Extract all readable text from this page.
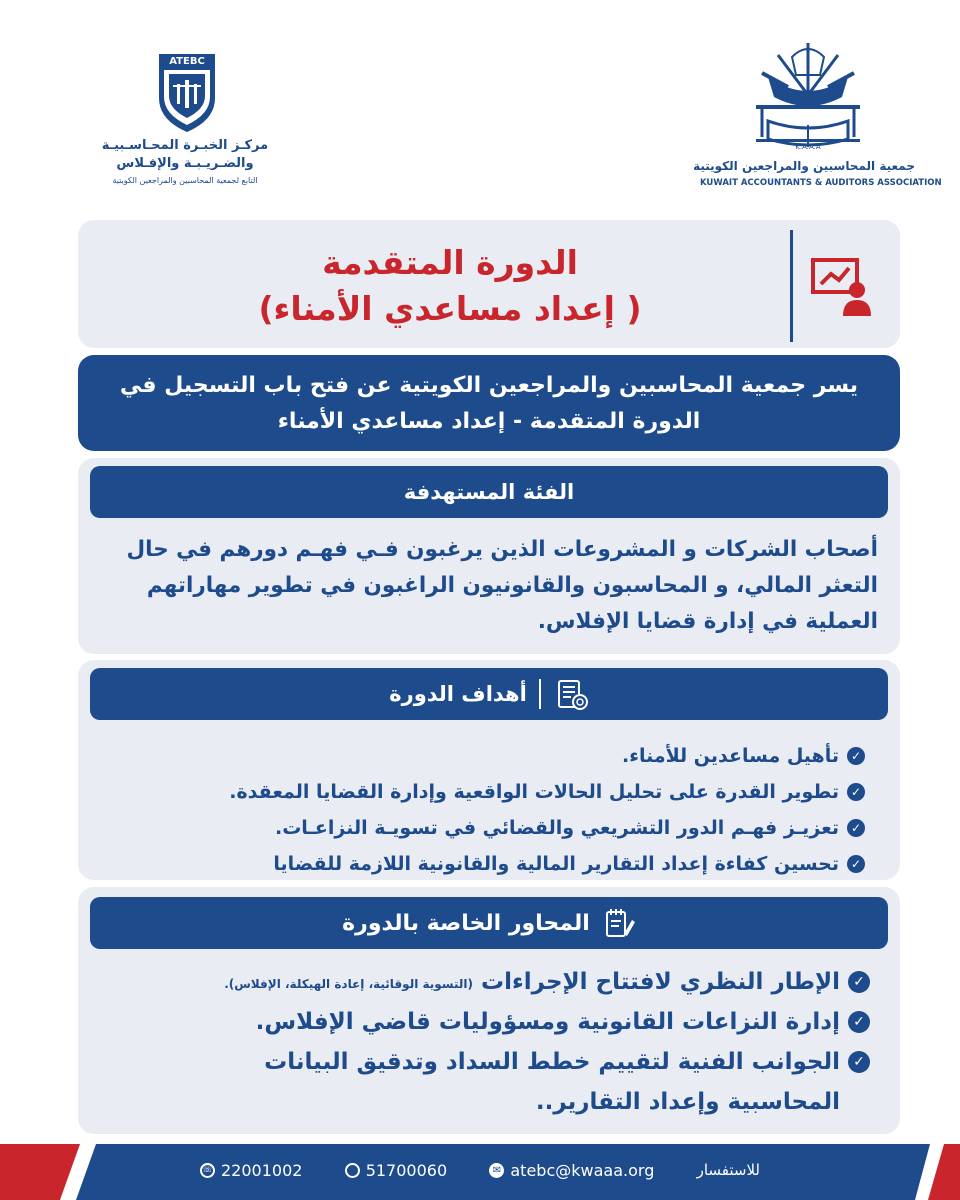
ATEBC
مركـز الخبـرة المحـاسـبيـة
والضـريـبـة والإفـلاس
التابع لجمعية المحاسبين والمراجعين الكويتية
K.A.A.A
جمعية المحاسبين والمراجعين الكويتية
KUWAIT ACCOUNTANTS & AUDITORS ASSOCIATION
الدورة المتقدمة
( إعداد مساعدي الأمناء)
يسر جمعية المحاسبين والمراجعين الكويتية عن فتح باب التسجيل في
الدورة المتقدمة - إعداد مساعدي الأمناء
الفئة المستهدفة
أصحاب الشركات و المشروعات الذين يرغبون فـي فهـم دورهم في حال
التعثر المالي، و المحاسبون والقانونيون الراغبون في تطوير مهاراتهم
العملية في إدارة قضايا الإفلاس.
أهداف الدورة
✓
تأهيل مساعدين للأمناء.
✓
تطوير القدرة على تحليل الحالات الواقعية وإدارة القضايا المعقدة.
✓
تعزيـز فهـم الدور التشريعي والقضائي في تسويـة النزاعـات.
✓
تحسين كفاءة إعداد التقارير المالية والقانونية اللازمة للقضايا
المحاور الخاصة بالدورة
✓
الإطار النظري لافتتاح الإجراءات
(التسوية الوقائية، إعادة الهيكلة، الإفلاس).
✓
إدارة النزاعات القانونية ومسؤوليات قاضي الإفلاس.
✓
الجوانب الفنية لتقييم خطط السداد وتدقيق البيانات
المحاسبية وإعداد التقارير..
للاستفسار
atebc@kwaaa.org
✉
51700060
22001002
☏
